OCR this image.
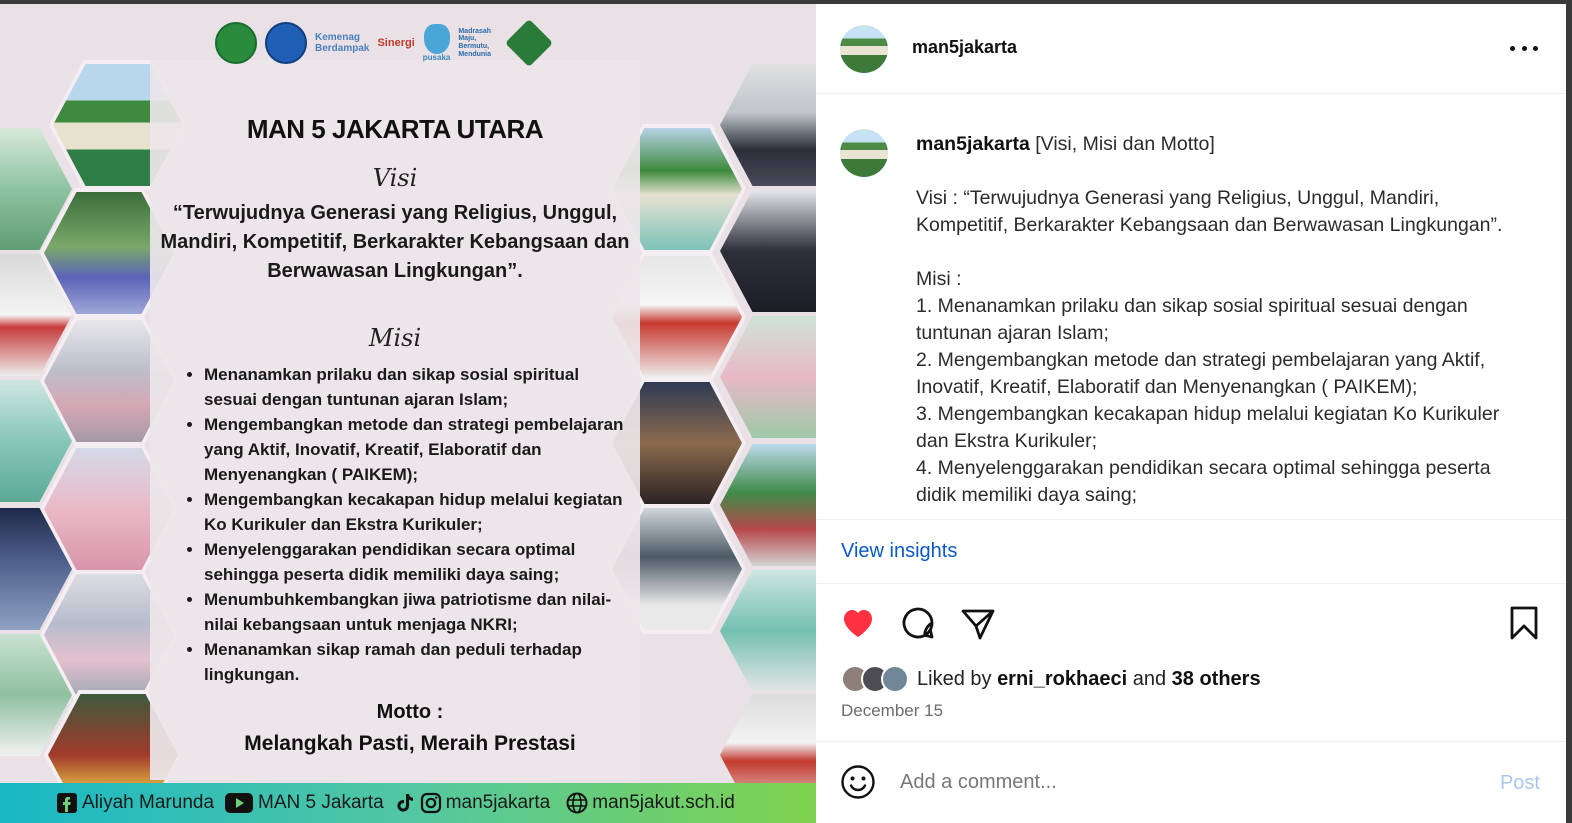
Kemenag
Berdampak Sinergi
pusaka
Madrasah Maju, Bermutu, Mendunia
MAN 5 JAKARTA UTARA
Visi
“Terwujudnya Generasi yang Religius, Unggul, Mandiri, Kompetitif, Berkarakter Kebangsaan dan Berwawasan Lingkungan”.
Misi
• Menanamkan prilaku dan sikap sosial spiritual sesuai dengan tuntunan ajaran Islam;
• Mengembangkan metode dan strategi pembelajaran yang Aktif, Inovatif, Kreatif, Elaboratif dan Menyenangkan ( PAIKEM);
• Mengembangkan kecakapan hidup melalui kegiatan Ko Kurikuler dan Ekstra Kurikuler;
• Menyelenggarakan pendidikan secara optimal sehingga peserta didik memiliki daya saing;
• Menumbuhkembangkan jiwa patriotisme dan nilai-nilai kebangsaan untuk menjaga NKRI;
• Menanamkan sikap ramah dan peduli terhadap lingkungan.
Motto :
Melangkah Pasti, Meraih Prestasi
Aliyah Marunda MAN 5 Jakarta	man5jakarta man5jakut.sch.id
man5jakarta
man5jakarta [Visi, Misi dan Motto]
Visi : “Terwujudnya Generasi yang Religius, Unggul, Mandiri,
Kompetitif, Berkarakter Kebangsaan dan Berwawasan Lingkungan”.
Misi :
1. Menanamkan prilaku dan sikap sosial spiritual sesuai dengan
tuntunan ajaran Islam;
2. Mengembangkan metode dan strategi pembelajaran yang Aktif,
Inovatif, Kreatif, Elaboratif dan Menyenangkan ( PAIKEM);
3. Mengembangkan kecakapan hidup melalui kegiatan Ko Kurikuler
dan Ekstra Kurikuler;
4. Menyelenggarakan pendidikan secara optimal sehingga peserta
didik memiliki daya saing;
View insights
Liked by
erni_rokhaeci
and
38 others
December 15
Add a comment...
Post
